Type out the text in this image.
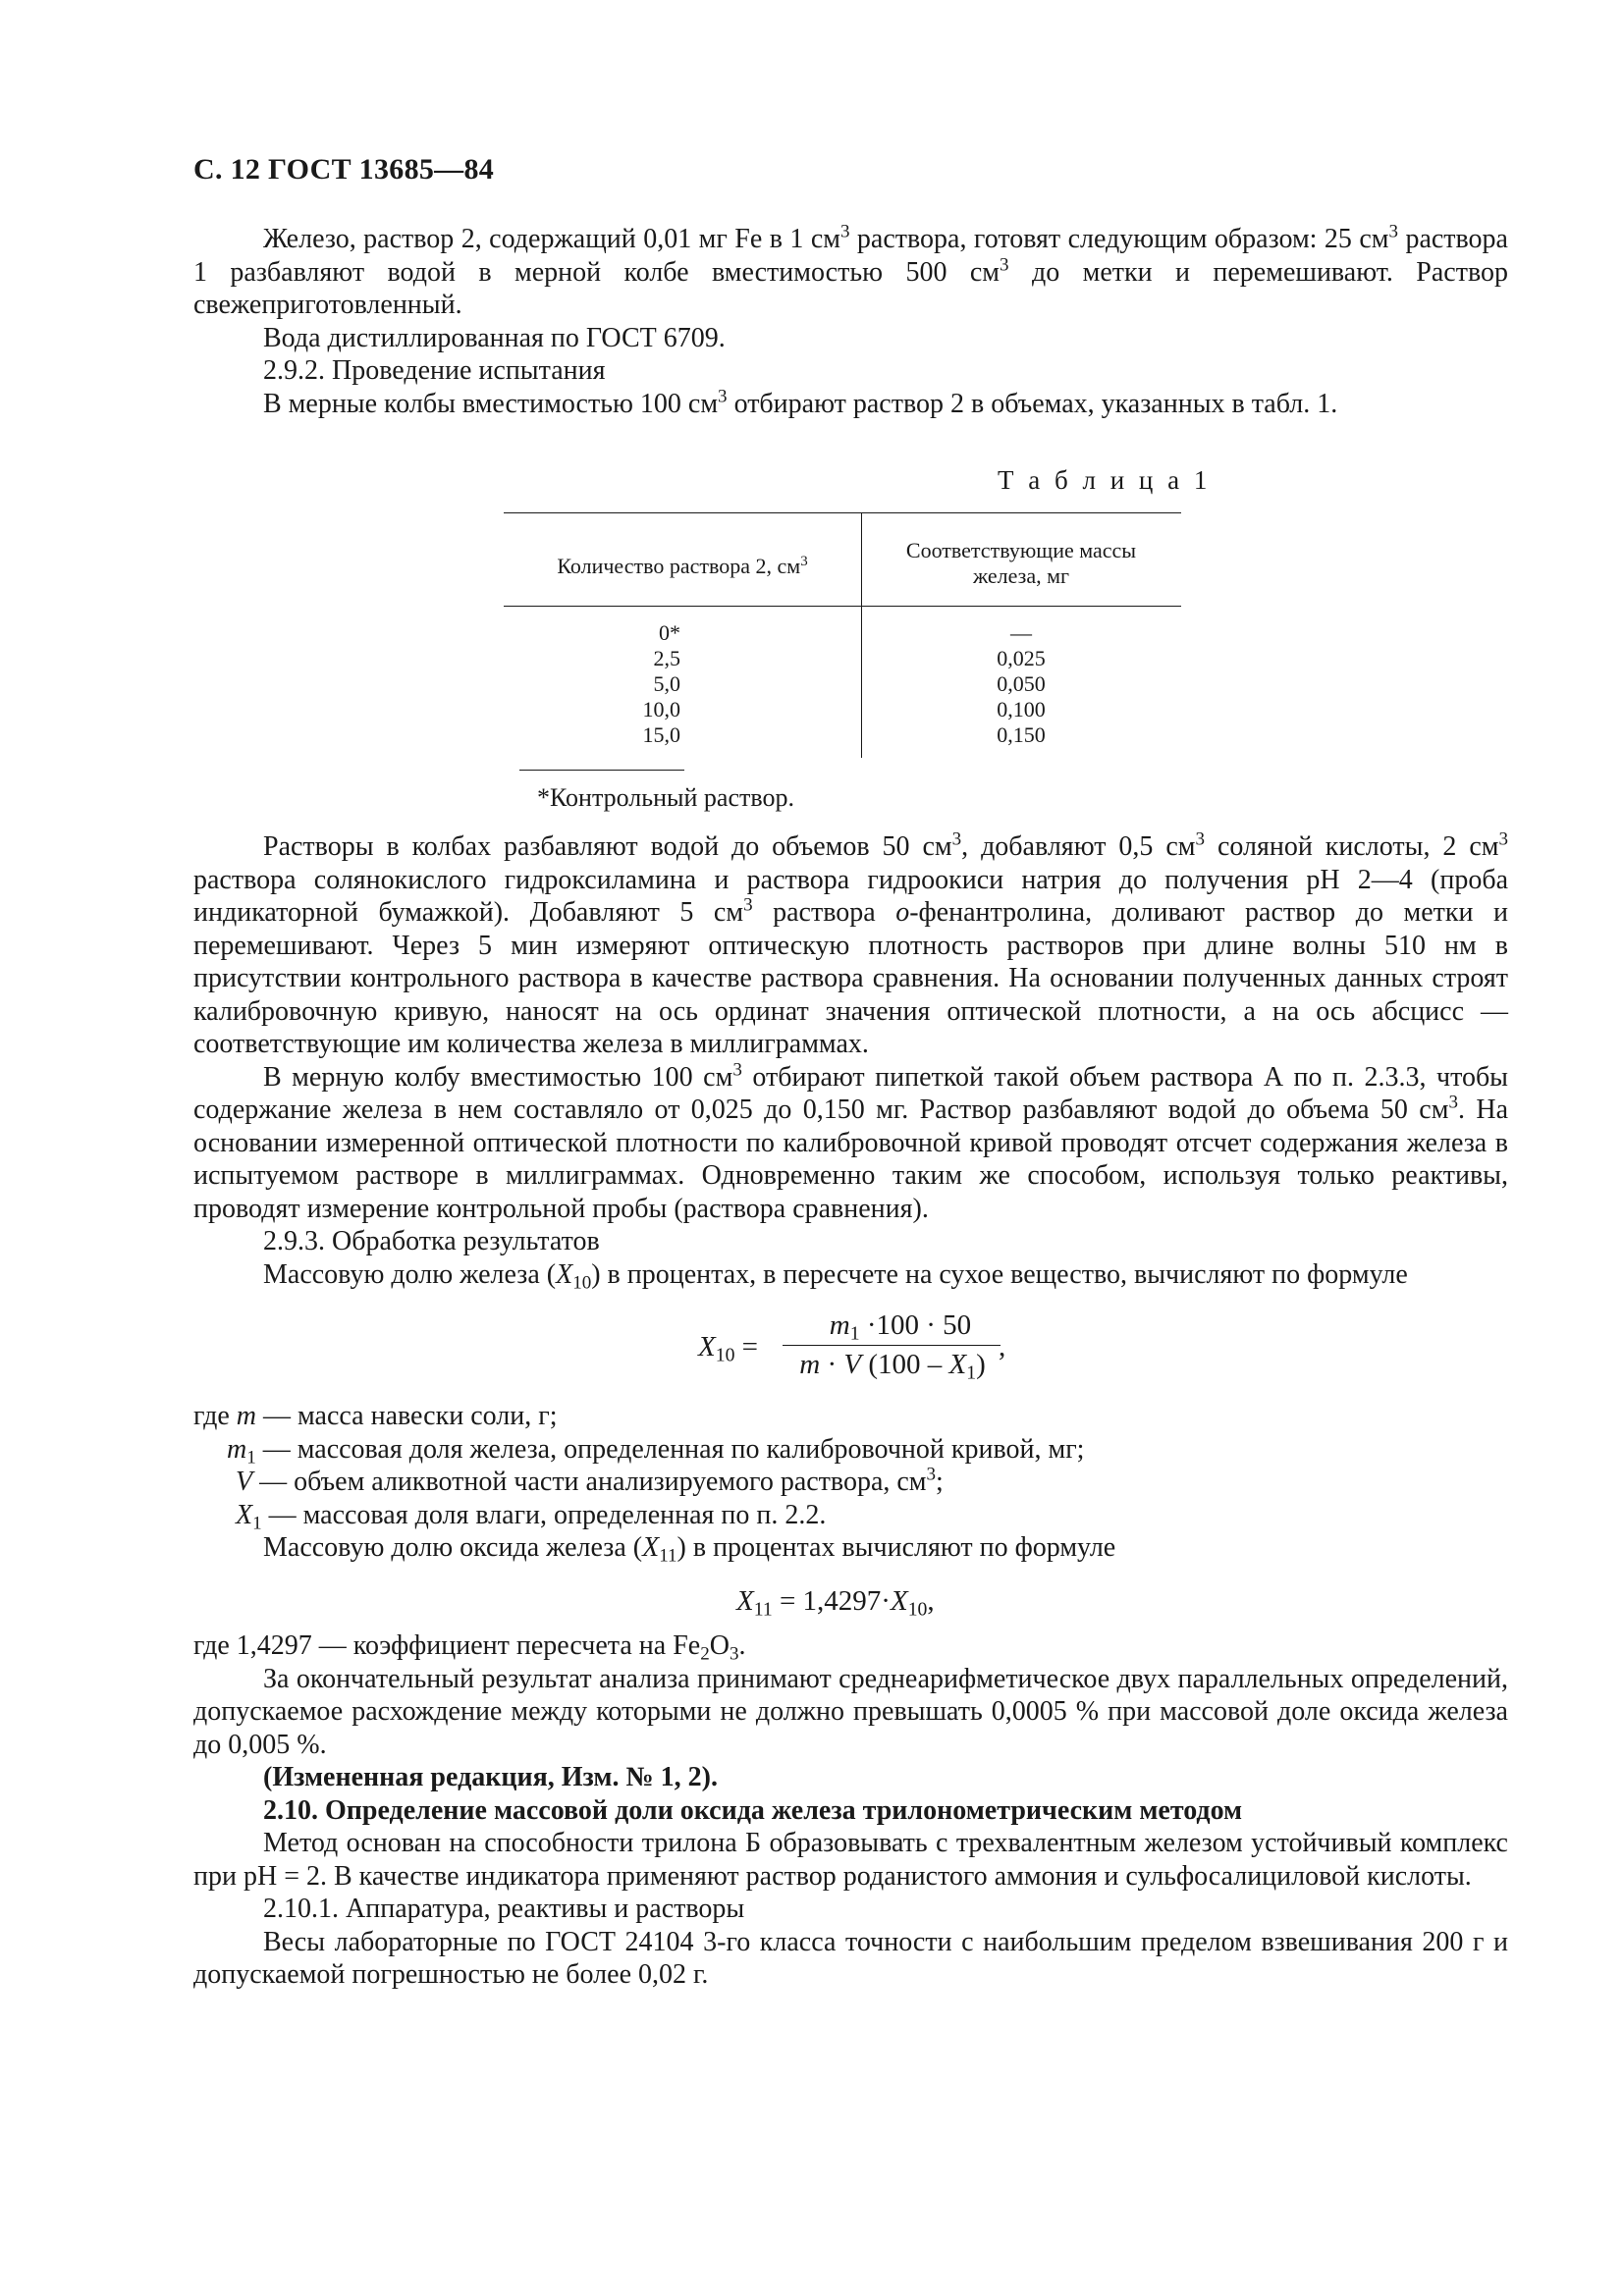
С. 12 ГОСТ 13685—84

Железо, раствор 2, содержащий 0,01 мг Fe в 1 $см^3$ раствора, готовят следующим образом: 25 $см^3$ раствора 1 разбавляют водой в мерной колбе вместимостью 500 $см^3$ до метки и перемешивают. Раствор свежеприготовленный.

Вода дистиллированная по ГОСТ 6709.

2.9.2. Проведение испытания

В мерные колбы вместимостью 100 $см^3$ отбирают раствор 2 в объемах, указанных в табл. 1.

Т а б л и ц а 1
Количество раствора 2, $см^3$	Соответствующие массы
железа, мг
0*	—
2,5	0,025
5,0	0,050
10,0	0,100
15,0	0,150
*Контрольный раствор.

Растворы в колбах разбавляют водой до объемов 50 $см^3$, добавляют 0,5 $см^3$ соляной кислоты, 2 $см^3$ раствора солянокислого гидроксиламина и раствора гидроокиси натрия до получения pH 2—4 (проба индикаторной бумажкой). Добавляют 5 $см^3$ раствора о-фенантролина, доливают раствор до метки и перемешивают. Через 5 мин измеряют оптическую плотность растворов при длине волны 510 нм в присутствии контрольного раствора в качестве раствора сравнения. На основании полученных данных строят калибровочную кривую, наносят на ось ординат значения оптической плотности, а на ось абсцисс — соответствующие им количества железа в миллиграммах.

В мерную колбу вместимостью 100 $см^3$ отбирают пипеткой такой объем раствора А по п. 2.3.3, чтобы содержание железа в нем составляло от 0,025 до 0,150 мг. Раствор разбавляют водой до объема 50 $см^3$. На основании измеренной оптической плотности по калибровочной кривой проводят отсчет содержания железа в испытуемом растворе в миллиграммах. Одновременно таким же способом, используя только реактивы, проводят измерение контрольной пробы (раствора сравнения).

2.9.3. Обработка результатов

Массовую долю железа $(X_{10})$ в процентах, в пересчете на сухое вещество, вычисляют по формуле

$X_{10}$ =
$m_1 \cdot 100 \cdot 50$
m · V $(100 - X_1)$
,

где m — масса навески соли, г;

$m_1$ — массовая доля железа, определенная по калибровочной кривой, мг;

V — объем аликвотной части анализируемого раствора, $см^3$;

$X_1$ — массовая доля влаги, определенная по п. 2.2.

Массовую долю оксида железа $(X_{11})$ в процентах вычисляют по формуле

$X_{11} = 1,4297\cdot X_{10}$,

где 1,4297 — коэффициент пересчета на $Fe_2O_3$.

За окончательный результат анализа принимают среднеарифметическое двух параллельных определений, допускаемое расхождение между которыми не должно превышать 0,0005 % при массовой доле оксида железа до 0,005 %.

(Измененная редакция, Изм. № 1, 2).

2.10. Определение массовой доли оксида железа трилонометрическим методом

Метод основан на способности трилона Б образовывать с трехвалентным железом устойчивый комплекс при pH = 2. В качестве индикатора применяют раствор роданистого аммония и сульфосалициловой кислоты.

2.10.1. Аппаратура, реактивы и растворы

Весы лабораторные по ГОСТ 24104 3-го класса точности с наибольшим пределом взвешивания 200 г и допускаемой погрешностью не более 0,02 г.
